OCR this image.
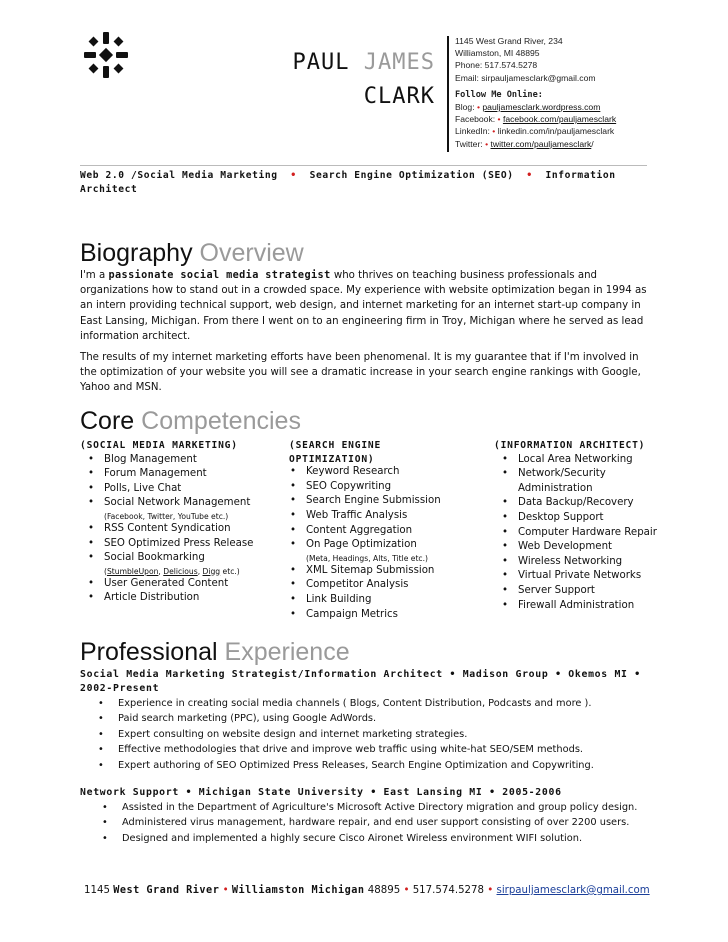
PAUL JAMES
CLARK
1145 West Grand River, 234
Williamston, MI 48895
Phone: 517.574.5278
Email: sirpauljamesclark@gmail.com
Follow Me Online:
Blog: • pauljamesclark.wordpress.com
Facebook: • facebook.com/pauljamesclark
LinkedIn: • linkedin.com/in/pauljamesclark
Twitter: • twitter.com/pauljamesclark/
Web 2.0 /Social Media Marketing  •  Search Engine Optimization (SEO)  •  Information
Architect
Biography Overview
I'm a passionate social media strategist who thrives on teaching business professionals and organizations how to stand out in a crowded space. My experience with website optimization began in 1994 as an intern providing technical support, web design, and internet marketing for an internet start-up company in East Lansing, Michigan. From there I went on to an engineering firm in Troy, Michigan where he served as lead information architect.
The results of my internet marketing efforts have been phenomenal. It is my guarantee that if I'm involved in the optimization of your website you will see a dramatic increase in your search engine rankings with Google, Yahoo and MSN.
Core Competencies
(SOCIAL MEDIA MARKETING)
• Blog Management
• Forum Management
• Polls, Live Chat
• Social Network Management
(Facebook, Twitter, YouTube etc.)
• RSS Content Syndication
• SEO Optimized Press Release
• Social Bookmarking
(StumbleUpon, Delicious, Digg etc.)
• User Generated Content
• Article Distribution
(SEARCH ENGINE
OPTIMIZATION)
• Keyword Research
• SEO Copywriting
• Search Engine Submission
• Web Traffic Analysis
• Content Aggregation
• On Page Optimization
(Meta, Headings, Alts, Title etc.)
• XML Sitemap Submission
• Competitor Analysis
• Link Building
• Campaign Metrics
(INFORMATION ARCHITECT)
• Local Area Networking
• Network/Security Administration
• Data Backup/Recovery
• Desktop Support
• Computer Hardware Repair
• Web Development
• Wireless Networking
• Virtual Private Networks
• Server Support
• Firewall Administration
Professional Experience
Social Media Marketing Strategist/Information Architect • Madison Group • Okemos MI •
2002-Present
• Experience in creating social media channels ( Blogs, Content Distribution, Podcasts and more ).
• Paid search marketing (PPC), using Google AdWords.
• Expert consulting on website design and internet marketing strategies.
• Effective methodologies that drive and improve web traffic using white-hat SEO/SEM methods.
• Expert authoring of SEO Optimized Press Releases, Search Engine Optimization and Copywriting.
Network Support • Michigan State University • East Lansing MI • 2005-2006
• Assisted in the Department of Agriculture's Microsoft Active Directory migration and group policy design.
• Administered virus management, hardware repair, and end user support consisting of over 2200 users.
• Designed and implemented a highly secure Cisco Aironet Wireless environment WIFI solution.
1145 West Grand River • Williamston Michigan 48895 • 517.574.5278 • sirpauljamesclark@gmail.com
